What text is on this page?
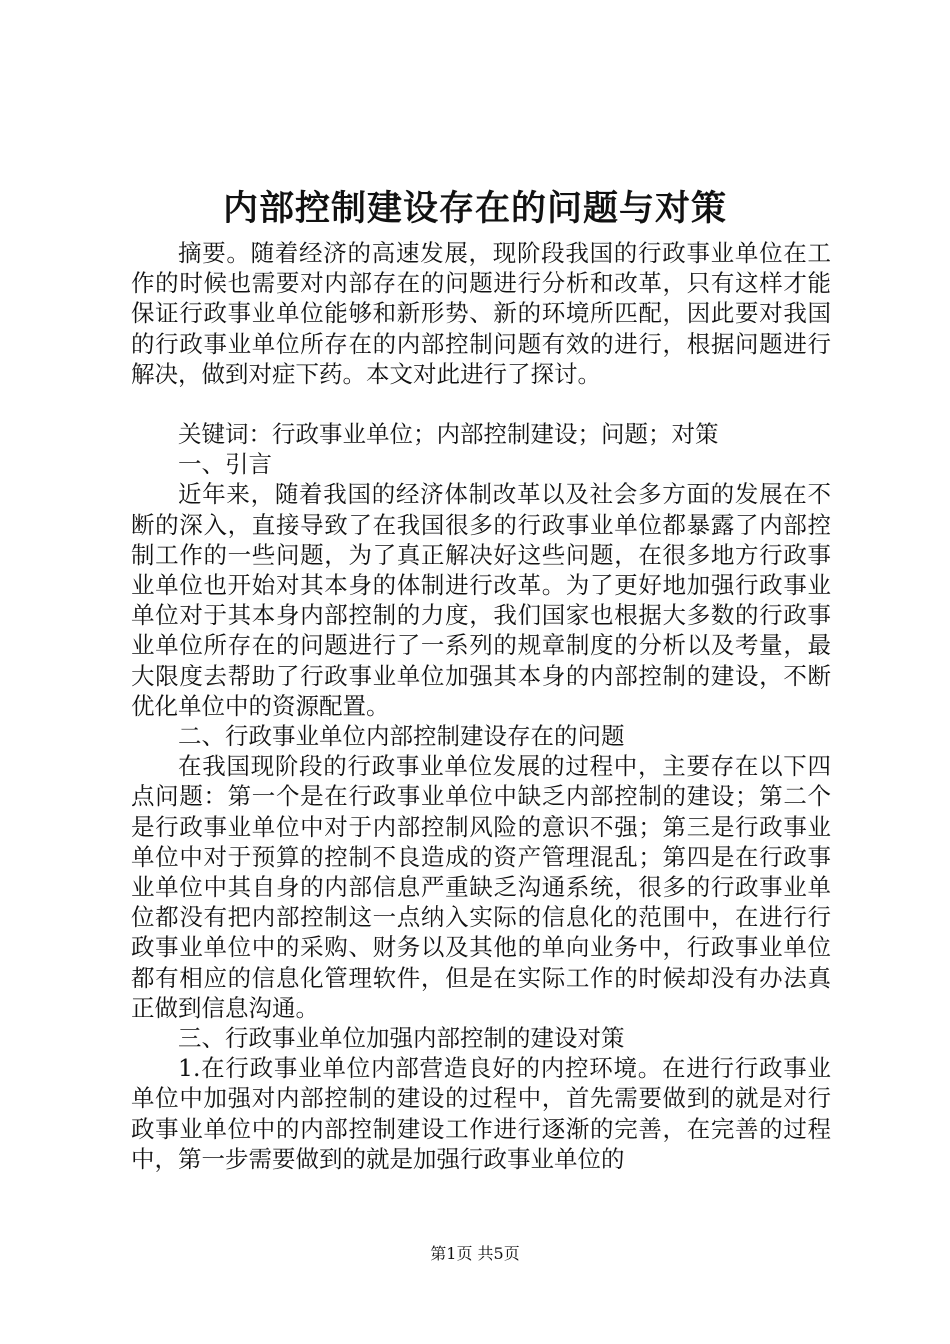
内部控制建设存在的问题与对策

摘要。随着经济的高速发展，现阶段我国的行政事业单位在工作的时候也需要对内部存在的问题进行分析和改革，只有这样才能保证行政事业单位能够和新形势、新的环境所匹配，因此要对我国的行政事业单位所存在的内部控制问题有效的进行，根据问题进行解决，做到对症下药。本文对此进行了探讨。

关键词：行政事业单位；内部控制建设；问题；对策

一、引言

近年来，随着我国的经济体制改革以及社会多方面的发展在不断的深入，直接导致了在我国很多的行政事业单位都暴露了内部控制工作的一些问题，为了真正解决好这些问题，在很多地方行政事业单位也开始对其本身的体制进行改革。为了更好地加强行政事业单位对于其本身内部控制的力度，我们国家也根据大多数的行政事业单位所存在的问题进行了一系列的规章制度的分析以及考量，最大限度去帮助了行政事业单位加强其本身的内部控制的建设，不断优化单位中的资源配置。

二、行政事业单位内部控制建设存在的问题

在我国现阶段的行政事业单位发展的过程中，主要存在以下四点问题：第一个是在行政事业单位中缺乏内部控制的建设；第二个是行政事业单位中对于内部控制风险的意识不强；第三是行政事业单位中对于预算的控制不良造成的资产管理混乱；第四是在行政事业单位中其自身的内部信息严重缺乏沟通系统，很多的行政事业单位都没有把内部控制这一点纳入实际的信息化的范围中，在进行行政事业单位中的采购、财务以及其他的单向业务中，行政事业单位都有相应的信息化管理软件，但是在实际工作的时候却没有办法真正做到信息沟通。

三、行政事业单位加强内部控制的建设对策

1.在行政事业单位内部营造良好的内控环境。在进行行政事业单位中加强对内部控制的建设的过程中，首先需要做到的就是对行政事业单位中的内部控制建设工作进行逐渐的完善，在完善的过程中，第一步需要做到的就是加强行政事业单位的

第1页 共5页
